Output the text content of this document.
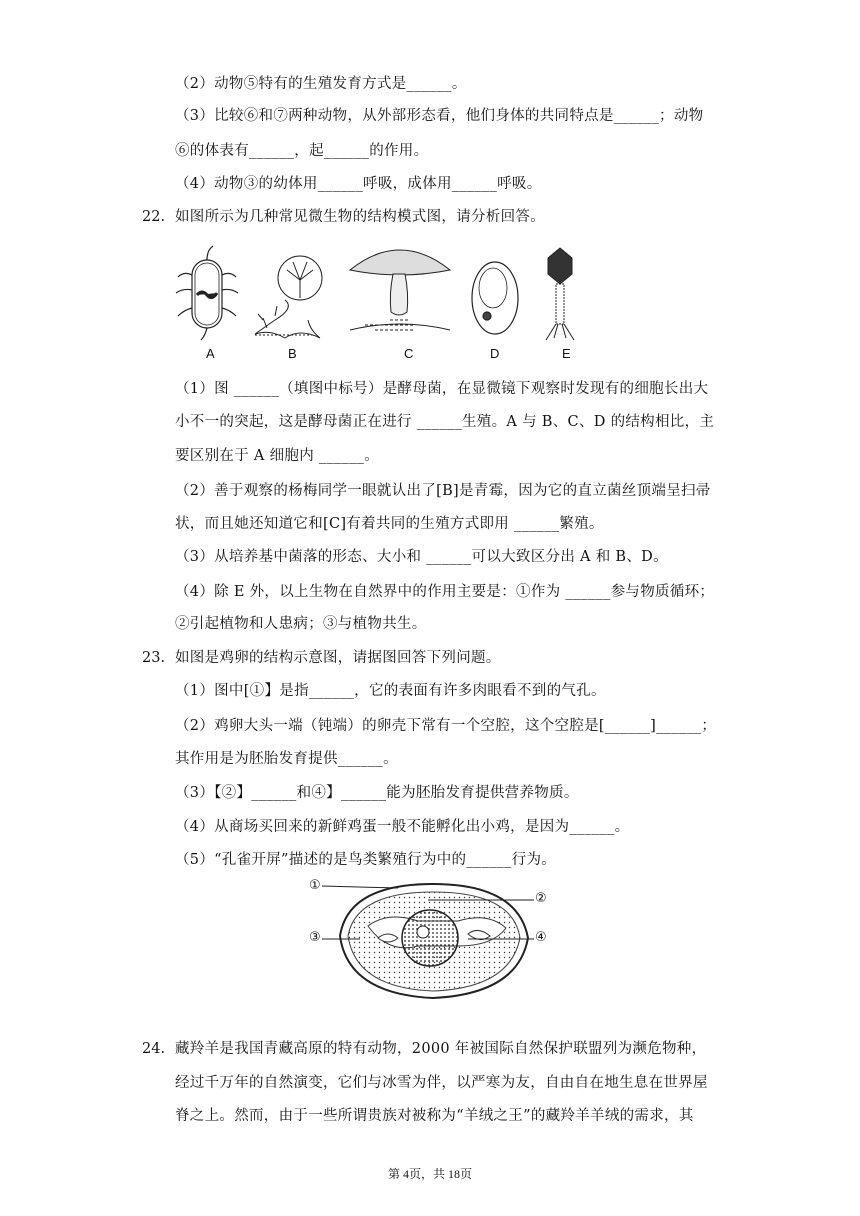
（2）动物⑤特有的生殖发育方式是______。
（3）比较⑥和⑦两种动物，从外部形态看，他们身体的共同特点是______；动物
⑥的体表有______，起______的作用。
（4）动物③的幼体用______呼吸，成体用______呼吸。
22. 如图所示为几种常见微生物的结构模式图，请分析回答。
A	B	C	D	E
（1）图 ______（填图中标号）是酵母菌，在显微镜下观察时发现有的细胞长出大
小不一的突起，这是酵母菌正在进行 ______生殖。A 与 B、C、D 的结构相比，主
要区别在于 A 细胞内 ______。
（2）善于观察的杨梅同学一眼就认出了[B]是青霉，因为它的直立菌丝顶端呈扫帚
状，而且她还知道它和[C]有着共同的生殖方式即用 ______繁殖。
（3）从培养基中菌落的形态、大小和 ______可以大致区分出 A 和 B、D。
（4）除 E 外，以上生物在自然界中的作用主要是：①作为 ______参与物质循环；
②引起植物和人患病；③与植物共生。
23. 如图是鸡卵的结构示意图，请据图回答下列问题。
（1）图中[①】是指______，它的表面有许多肉眼看不到的气孔。
（2）鸡卵大头一端（钝端）的卵壳下常有一个空腔，这个空腔是[______]______；
其作用是为胚胎发育提供______。
（3）【②】______和④】______能为胚胎发育提供营养物质。
（4）从商场买回来的新鲜鸡蛋一般不能孵化出小鸡，是因为______。
（5）“孔雀开屏”描述的是鸟类繁殖行为中的______行为。
①
②
③	④
24. 藏羚羊是我国青藏高原的特有动物，2000 年被国际自然保护联盟列为濒危物种，
经过千万年的自然演变，它们与冰雪为伴，以严寒为友，自由自在地生息在世界屋
脊之上。然而，由于一些所谓贵族对被称为“羊绒之王”的藏羚羊羊绒的需求，其
第 4页，共 18页
